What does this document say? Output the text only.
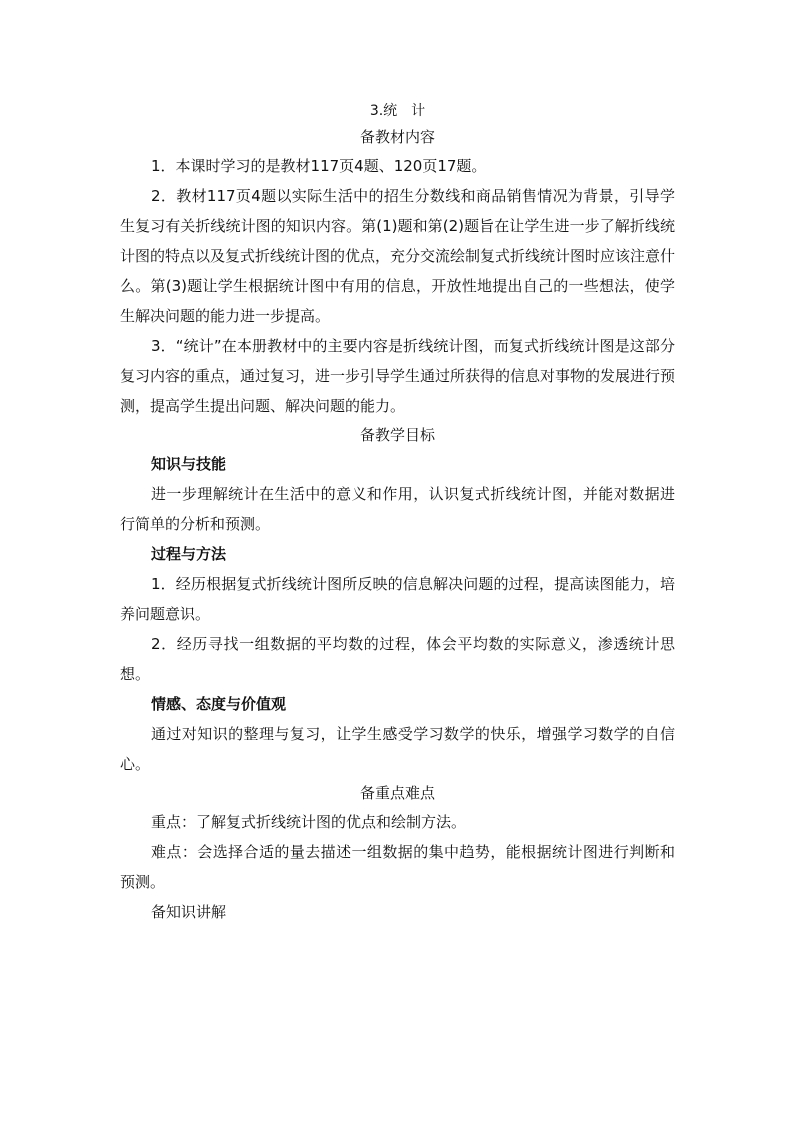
3.统　计
备教材内容
1．本课时学习的是教材117页4题、120页17题。
2．教材117页4题以实际生活中的招生分数线和商品销售情况为背景，引导学生复习有关折线统计图的知识内容。第(1)题和第(2)题旨在让学生进一步了解折线统计图的特点以及复式折线统计图的优点，充分交流绘制复式折线统计图时应该注意什么。第(3)题让学生根据统计图中有用的信息，开放性地提出自己的一些想法，使学生解决问题的能力进一步提高。
3．“统计”在本册教材中的主要内容是折线统计图，而复式折线统计图是这部分复习内容的重点，通过复习，进一步引导学生通过所获得的信息对事物的发展进行预测，提高学生提出问题、解决问题的能力。
备教学目标
知识与技能
进一步理解统计在生活中的意义和作用，认识复式折线统计图，并能对数据进行简单的分析和预测。
过程与方法
1．经历根据复式折线统计图所反映的信息解决问题的过程，提高读图能力，培养问题意识。
2．经历寻找一组数据的平均数的过程，体会平均数的实际意义，渗透统计思想。
情感、态度与价值观
通过对知识的整理与复习，让学生感受学习数学的快乐，增强学习数学的自信心。
备重点难点
重点：了解复式折线统计图的优点和绘制方法。
难点：会选择合适的量去描述一组数据的集中趋势，能根据统计图进行判断和预测。
备知识讲解
